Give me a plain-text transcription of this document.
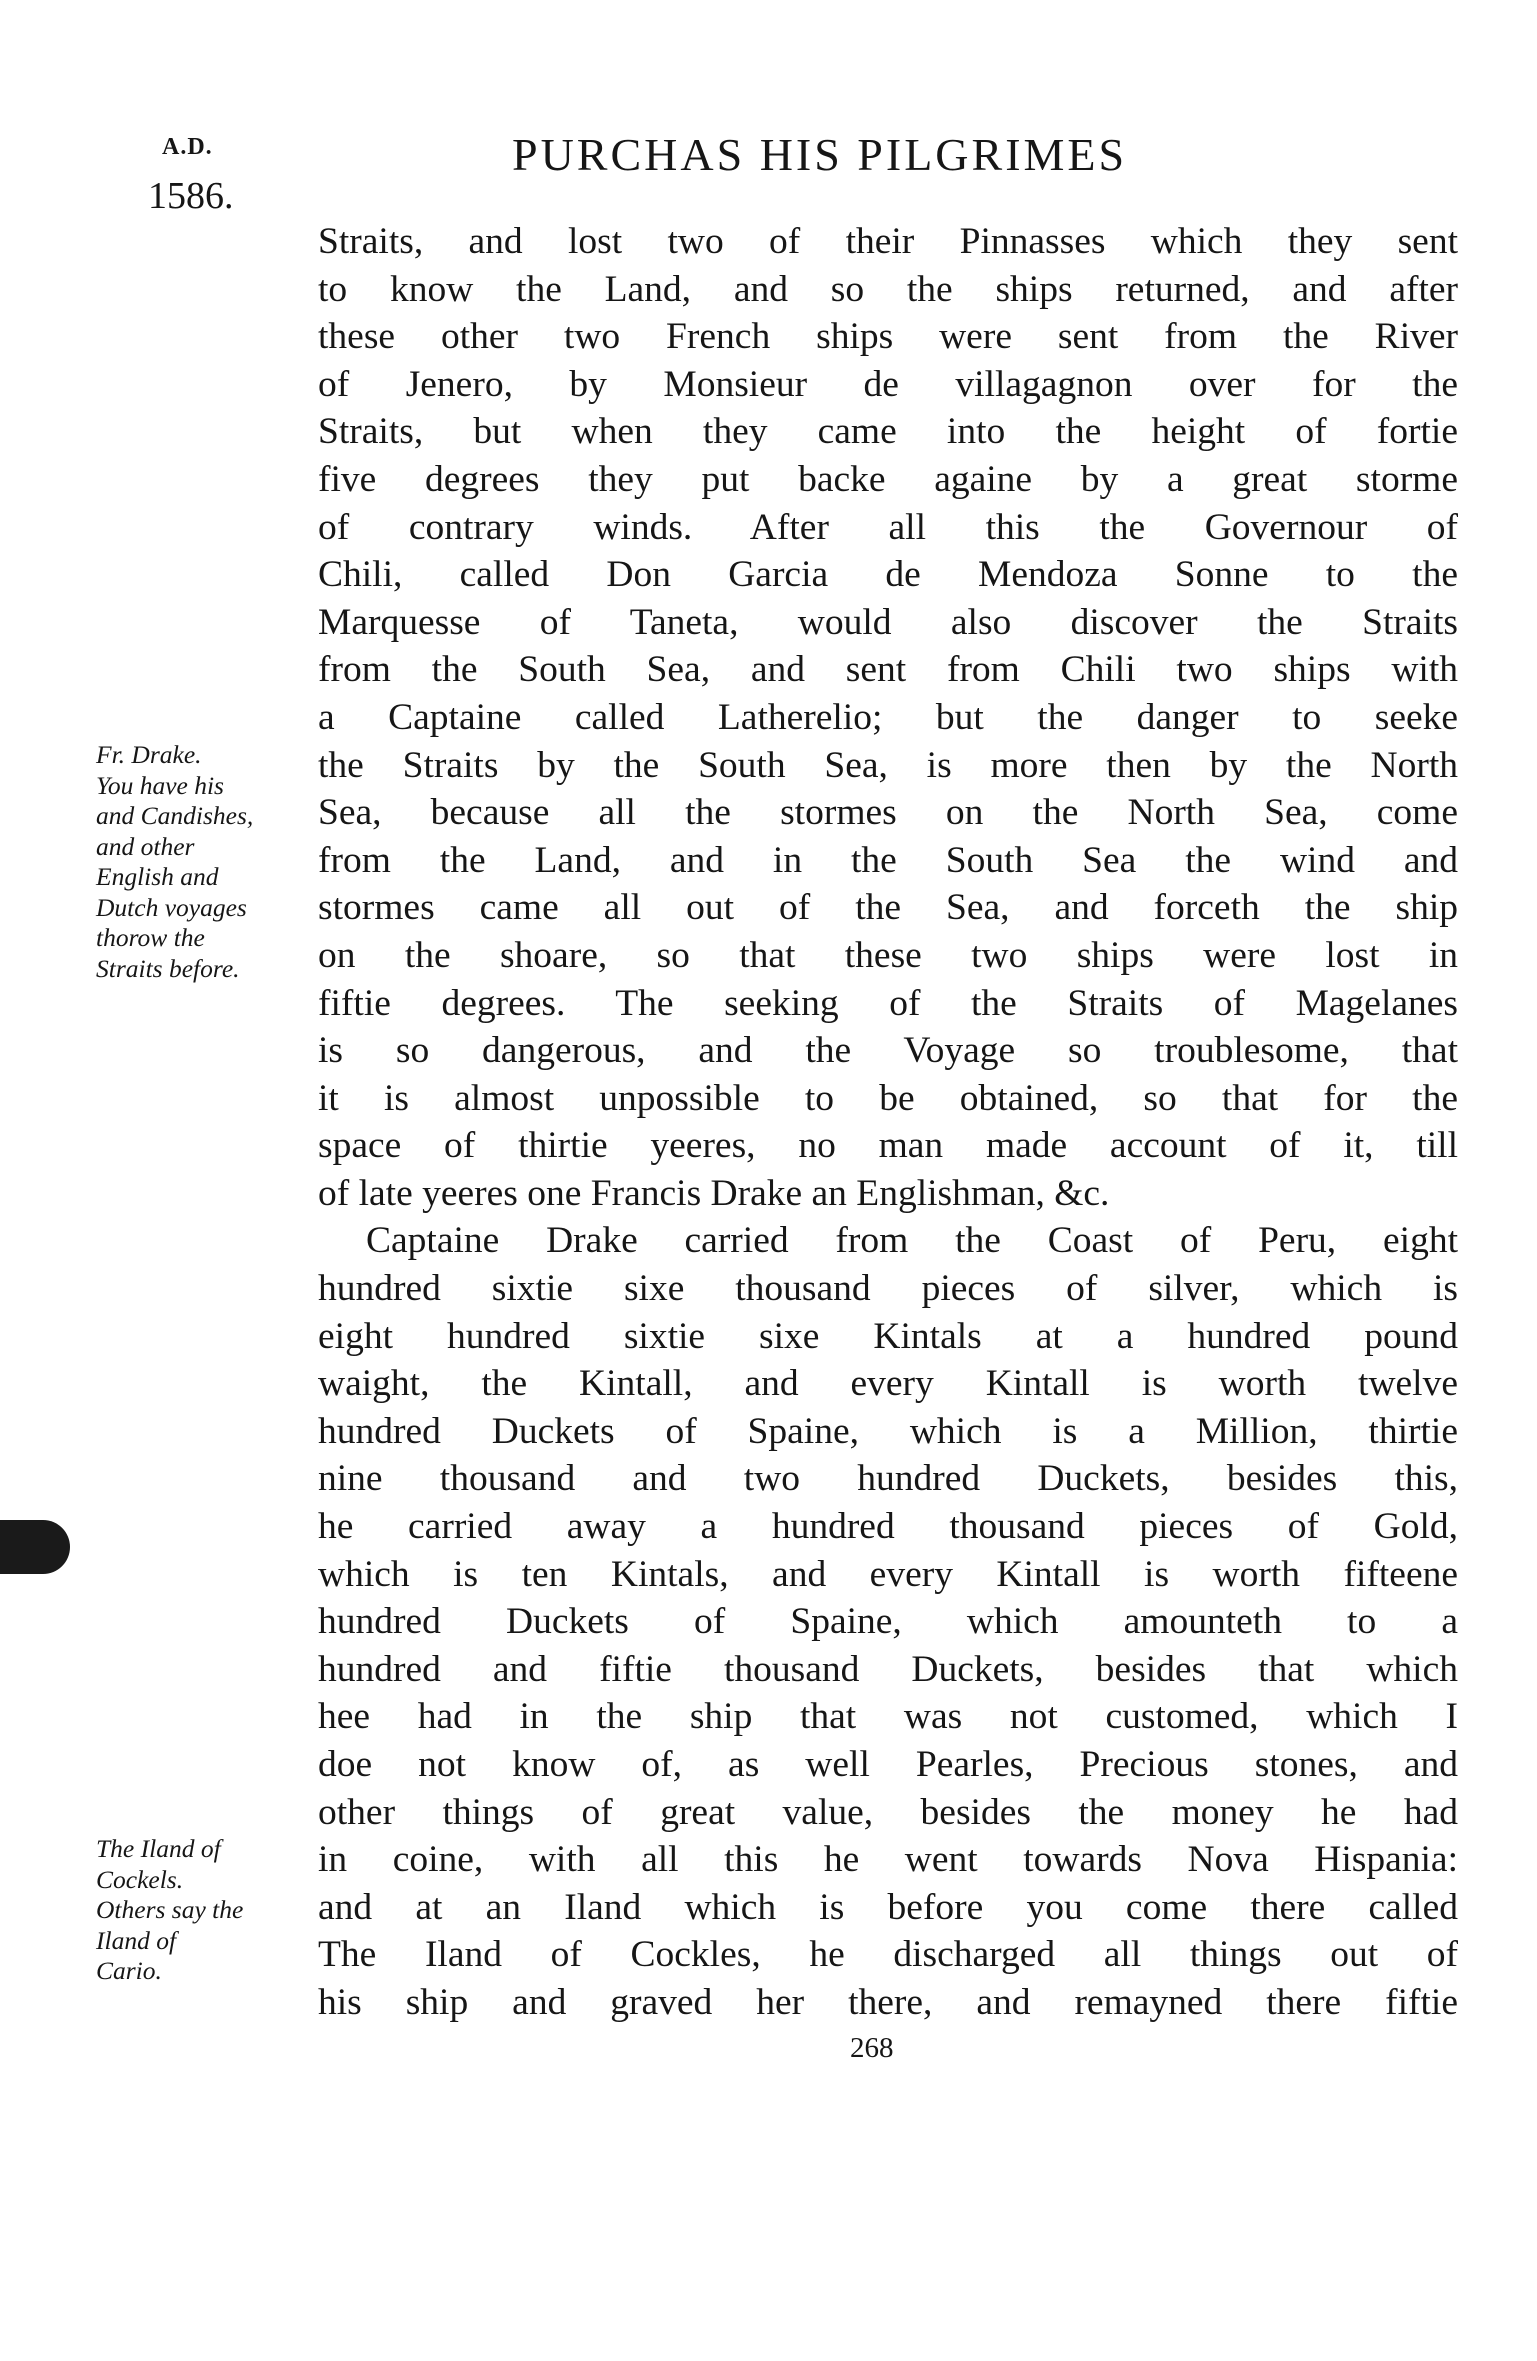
A.D.
1586.
PURCHAS HIS PILGRIMES
Straits, and lost two of their Pinnasses which they sent
to know the Land, and so the ships returned, and after
these other two French ships were sent from the River
of Jenero, by Monsieur de villagagnon over for the
Straits, but when they came into the height of fortie
five degrees they put backe againe by a great storme
of contrary winds. After all this the Governour of
Chili, called Don Garcia de Mendoza Sonne to the
Marquesse of Taneta, would also discover the Straits
from the South Sea, and sent from Chili two ships with
a Captaine called Latherelio; but the danger to seeke
the Straits by the South Sea, is more then by the North
Sea, because all the stormes on the North Sea, come
from the Land, and in the South Sea the wind and
stormes came all out of the Sea, and forceth the ship
on the shoare, so that these two ships were lost in
fiftie degrees. The seeking of the Straits of Magelanes
is so dangerous, and the Voyage so troublesome, that
it is almost unpossible to be obtained, so that for the
space of thirtie yeeres, no man made account of it, till
of late yeeres one Francis Drake an Englishman, &c.
Captaine Drake carried from the Coast of Peru, eight
hundred sixtie sixe thousand pieces of silver, which is
eight hundred sixtie sixe Kintals at a hundred pound
waight, the Kintall, and every Kintall is worth twelve
hundred Duckets of Spaine, which is a Million, thirtie
nine thousand and two hundred Duckets, besides this,
he carried away a hundred thousand pieces of Gold,
which is ten Kintals, and every Kintall is worth fifteene
hundred Duckets of Spaine, which amounteth to a
hundred and fiftie thousand Duckets, besides that which
hee had in the ship that was not customed, which I
doe not know of, as well Pearles, Precious stones, and
other things of great value, besides the money he had
in coine, with all this he went towards Nova Hispania:
and at an Iland which is before you come there called
The Iland of Cockles, he discharged all things out of
his ship and graved her there, and remayned there fiftie
Fr. Drake.
You have his
and Candishes,
and other
English and
Dutch voyages
thorow the
Straits before.
The Iland of
Cockels.
Others say the
Iland of
Cario.
268
